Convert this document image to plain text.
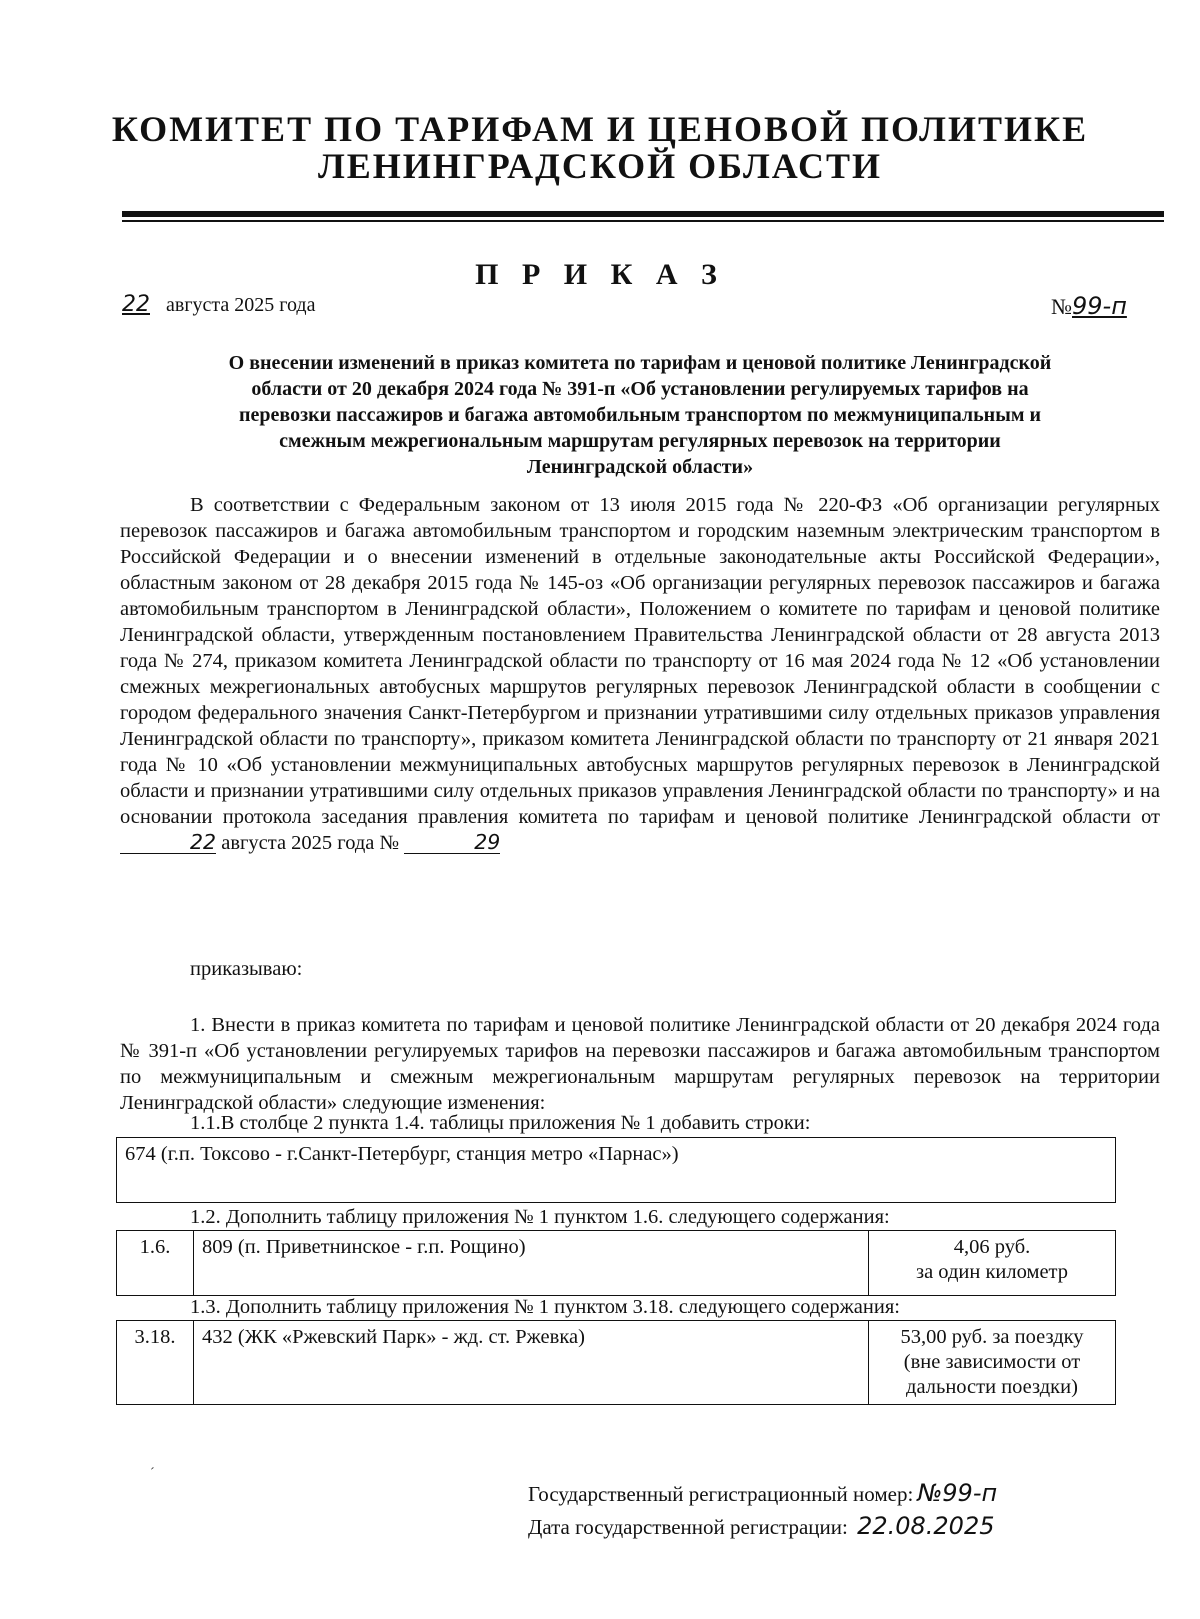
КОМИТЕТ ПО ТАРИФАМ И ЦЕНОВОЙ ПОЛИТИКЕ
ЛЕНИНГРАДСКОЙ ОБЛАСТИ
П Р И К А З
22 августа 2025 года	№99-п
О внесении изменений в приказ комитета по тарифам и ценовой политике Ленинградской
области от 20 декабря 2024 года № 391-п «Об установлении регулируемых тарифов на
перевозки пассажиров и багажа автомобильным транспортом по межмуниципальным и
смежным межрегиональным маршрутам регулярных перевозок на территории
Ленинградской области»
В соответствии с Федеральным законом от 13 июля 2015 года № 220-ФЗ «Об организации регулярных перевозок пассажиров и багажа автомобильным транспортом и городским наземным электрическим транспортом в Российской Федерации и о внесении изменений в отдельные законодательные акты Российской Федерации», областным законом от 28 декабря 2015 года № 145-оз «Об организации регулярных перевозок пассажиров и багажа автомобильным транспортом в Ленинградской области», Положением о комитете по тарифам и ценовой политике Ленинградской области, утвержденным постановлением Правительства Ленинградской области от 28 августа 2013 года № 274, приказом комитета Ленинградской области по транспорту от 16 мая 2024 года № 12 «Об установлении смежных межрегиональных автобусных маршрутов регулярных перевозок Ленинградской области в сообщении с городом федерального значения Санкт-Петербургом и признании утратившими силу отдельных приказов управления Ленинградской области по транспорту», приказом комитета Ленинградской области по транспорту от 21 января 2021 года № 10 «Об установлении межмуниципальных автобусных маршрутов регулярных перевозок в Ленинградской области и признании утратившими силу отдельных приказов управления Ленинградской области по транспорту» и на основании протокола заседания правления комитета по тарифам и ценовой политике Ленинградской области от 22 августа 2025 года №	29
приказываю:
1. Внести в приказ комитета по тарифам и ценовой политике Ленинградской области от 20 декабря 2024 года № 391-п «Об установлении регулируемых тарифов на перевозки пассажиров и багажа автомобильным транспортом по межмуниципальным и смежным межрегиональным маршрутам регулярных перевозок на территории Ленинградской области» следующие изменения:
1.1.В столбце 2 пункта 1.4. таблицы приложения № 1 добавить строки:
674 (г.п. Токсово - г.Санкт-Петербург, станция метро «Парнас»)
1.2. Дополнить таблицу приложения № 1 пунктом 1.6. следующего содержания:
1.6.	809 (п. Приветнинское - г.п. Рощино)	4,06 руб.
за один километр
1.3. Дополнить таблицу приложения № 1 пунктом 3.18. следующего содержания:
3.18.	432 (ЖК «Ржевский Парк» - жд. ст. Ржевка)	53,00 руб. за поездку
(вне зависимости от
дальности поездки)
´
Государственный регистрационный номер: №99-п
Дата государственной регистрации: 22.08.2025
